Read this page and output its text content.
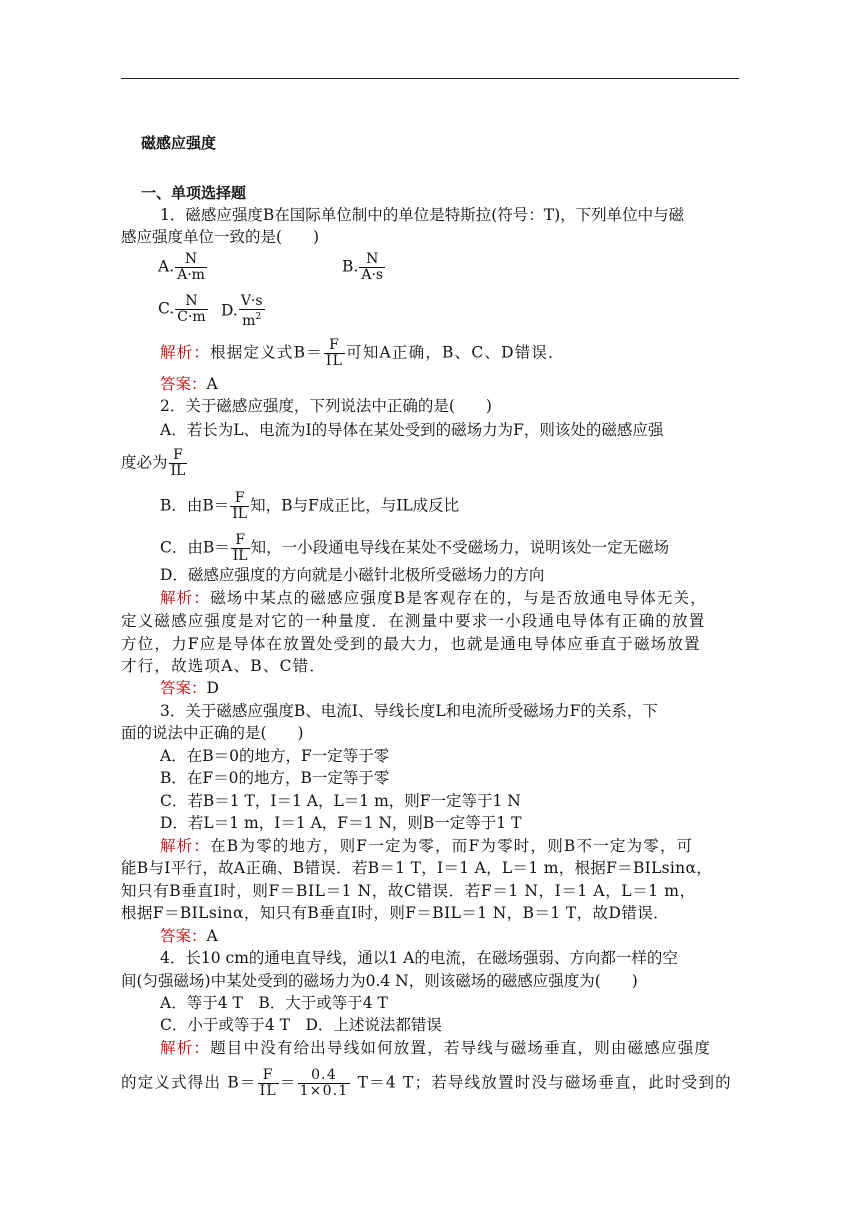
磁感应强度
一、单项选择题
1．磁感应强度B在国际单位制中的单位是特斯拉(符号：T)，下列单位中与磁
感应强度单位一致的是(　　)
A. $\frac{N}{A\cdot m}$	B. $\frac{N}{A\cdot s}$
C. $\frac{N}{C\cdot m} D$. $\frac{V\cdot s}{m^2}$
解析：根据定义式$B= \frac{F}{IL}$ 可知A正确，B、C、D错误．
答案：A
2．关于磁感应强度，下列说法中正确的是(　　)
A．若长为L、电流为I的导体在某处受到的磁场力为F，则该处的磁感应强
度必为 $\frac{F}{IL}$
B．由$B= \frac{F}{IL}$ 知，B与F成正比，与IL成反比
C．由$B= \frac{F}{IL}$ 知，一小段通电导线在某处不受磁场力，说明该处一定无磁场
D．磁感应强度的方向就是小磁针北极所受磁场力的方向
解析：磁场中某点的磁感应强度B是客观存在的，与是否放通电导体无关，
定义磁感应强度是对它的一种量度．在测量中要求一小段通电导体有正确的放置
方位，力F应是导体在放置处受到的最大力，也就是通电导体应垂直于磁场放置
才行，故选项A、B、C错．
答案：D
3．关于磁感应强度B、电流I、导线长度L和电流所受磁场力F的关系，下
面的说法中正确的是(　　)
A．在B＝0的地方，F一定等于零
B．在F＝0的地方，B一定等于零
C．若B＝1 T，I＝1 A，L＝1 m，则F一定等于1 N
D．若L＝1 m，I＝1 A，F＝1 N，则B一定等于1 T
解析：在B为零的地方，则F一定为零，而F为零时，则B不一定为零，可
能B与I平行，故A正确、B错误．若B＝1 T，I＝1 A，L＝1 m，根据F＝BILsinα，
知只有B垂直I时，则F＝BIL＝1 N，故C错误．若F＝1 N，I＝1 A，L＝1 m，
根据F＝BILsinα，知只有B垂直I时，则F＝BIL＝1 N，B＝1 T，故D错误．
答案：A
4．长10 cm的通电直导线，通以1 A的电流，在磁场强弱、方向都一样的空
间(匀强磁场)中某处受到的磁场力为0.4 N，则该磁场的磁感应强度为(　　)
A．等于4 T　B．大于或等于4 T
C．小于或等于4 T　D．上述说法都错误
解析：题目中没有给出导线如何放置，若导线与磁场垂直，则由磁感应强度
的定义式得出 $B= \frac{F}{IL} = \frac{0.4}{1\times 0.1} T=4$ T；若导线放置时没与磁场垂直，此时受到的
